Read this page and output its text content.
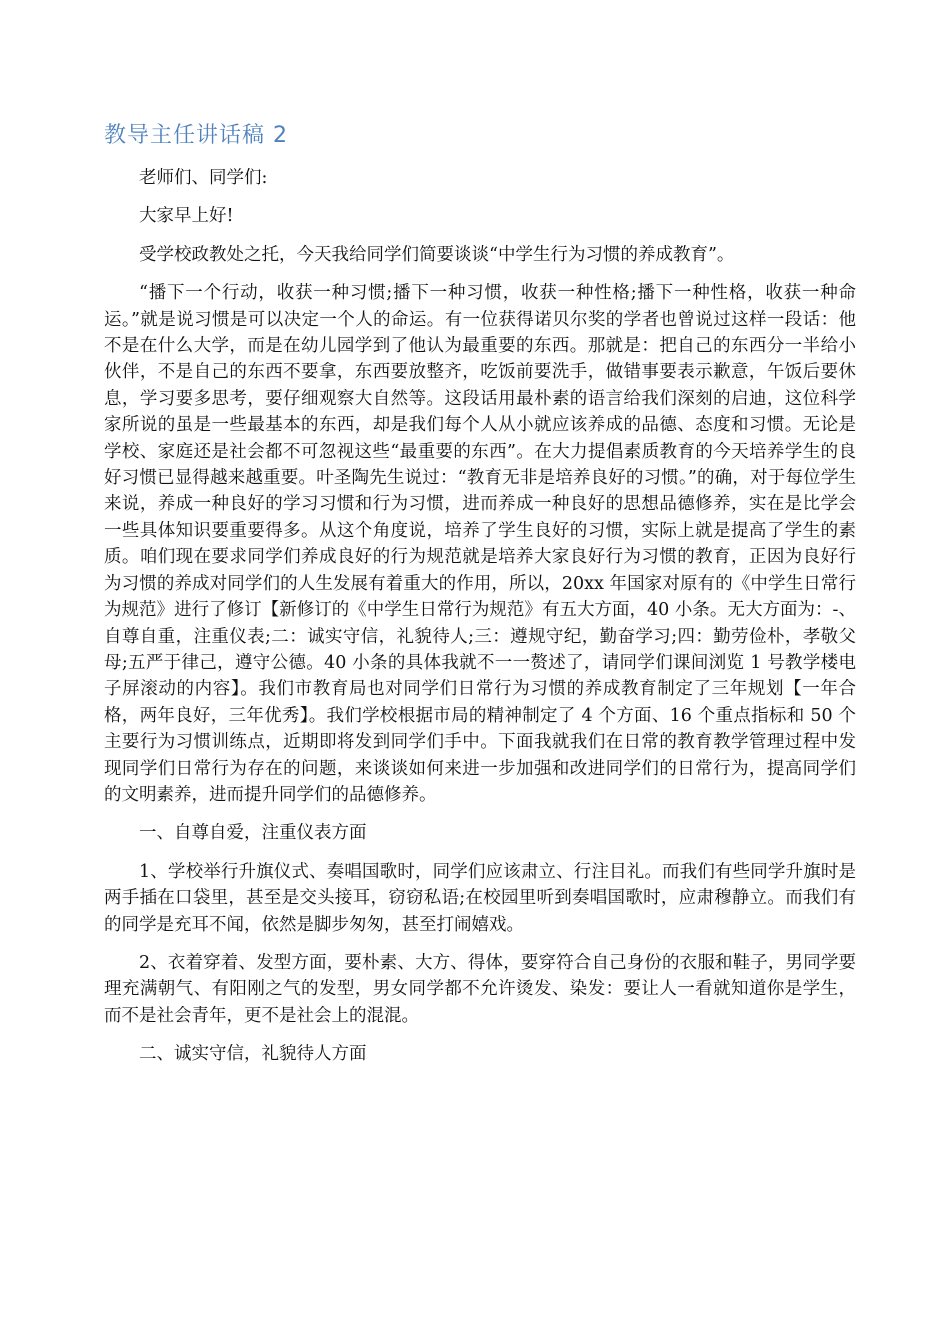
教导主任讲话稿 2

老师们、同学们:

大家早上好!

受学校政教处之托，今天我给同学们简要谈谈“中学生行为习惯的养成教育”。

“播下一个行动，收获一种习惯;播下一种习惯，收获一种性格;播下一种性格，收获一种命运。”就是说习惯是可以决定一个人的命运。有一位获得诺贝尔奖的学者也曾说过这样一段话：他不是在什么大学，而是在幼儿园学到了他认为最重要的东西。那就是：把自己的东西分一半给小伙伴，不是自己的东西不要拿，东西要放整齐，吃饭前要洗手，做错事要表示歉意，午饭后要休息，学习要多思考，要仔细观察大自然等。这段话用最朴素的语言给我们深刻的启迪，这位科学家所说的虽是一些最基本的东西，却是我们每个人从小就应该养成的品德、态度和习惯。无论是学校、家庭还是社会都不可忽视这些“最重要的东西”。在大力提倡素质教育的今天培养学生的良好习惯已显得越来越重要。叶圣陶先生说过：“教育无非是培养良好的习惯。”的确，对于每位学生来说，养成一种良好的学习习惯和行为习惯，进而养成一种良好的思想品德修养，实在是比学会一些具体知识要重要得多。从这个角度说，培养了学生良好的习惯，实际上就是提高了学生的素质。咱们现在要求同学们养成良好的行为规范就是培养大家良好行为习惯的教育，正因为良好行为习惯的养成对同学们的人生发展有着重大的作用，所以，20xx 年国家对原有的《中学生日常行为规范》进行了修订【新修订的《中学生日常行为规范》有五大方面，40 小条。无大方面为：-、自尊自重，注重仪表;二：诚实守信，礼貌待人;三：遵规守纪，勤奋学习;四：勤劳俭朴，孝敬父母;五严于律己，遵守公德。40 小条的具体我就不一一赘述了，请同学们课间浏览 1 号教学楼电子屏滚动的内容】。我们市教育局也对同学们日常行为习惯的养成教育制定了三年规划【一年合格，两年良好，三年优秀】。我们学校根据市局的精神制定了 4 个方面、16 个重点指标和 50 个主要行为习惯训练点，近期即将发到同学们手中。下面我就我们在日常的教育教学管理过程中发现同学们日常行为存在的问题，来谈谈如何来进一步加强和改进同学们的日常行为，提高同学们的文明素养，进而提升同学们的品德修养。

一、自尊自爱，注重仪表方面

1、学校举行升旗仪式、奏唱国歌时，同学们应该肃立、行注目礼。而我们有些同学升旗时是两手插在口袋里，甚至是交头接耳，窃窃私语;在校园里听到奏唱国歌时，应肃穆静立。而我们有的同学是充耳不闻，依然是脚步匆匆，甚至打闹嬉戏。

2、衣着穿着、发型方面，要朴素、大方、得体，要穿符合自己身份的衣服和鞋子，男同学要理充满朝气、有阳刚之气的发型，男女同学都不允许烫发、染发：要让人一看就知道你是学生，而不是社会青年，更不是社会上的混混。

二、诚实守信，礼貌待人方面
